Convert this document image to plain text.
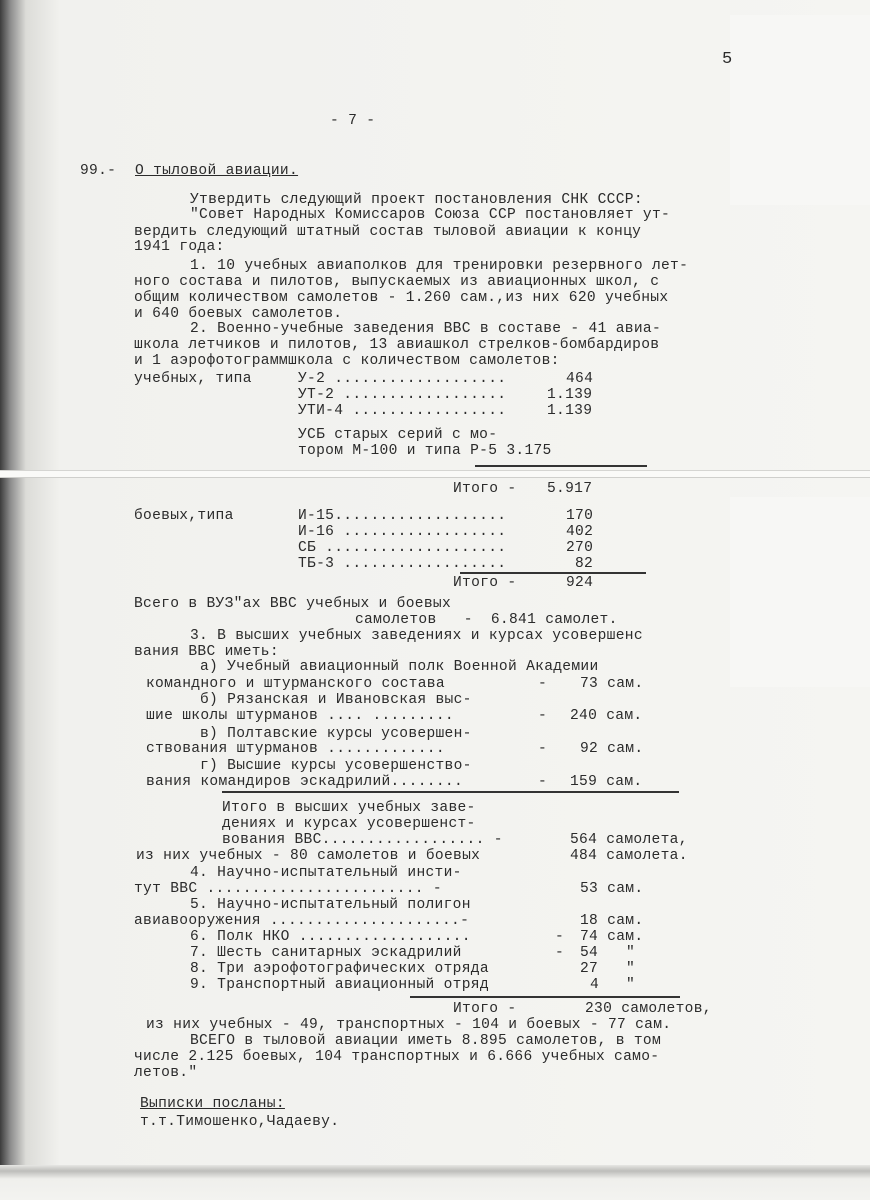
5
- 7 -
99.- О тыловой авиации.
Утвердить следующий проект постановления СНК СССР:
"Совет Народных Комиссаров Союза ССР постановляет ут-
вердить следующий штатный состав тыловой авиации к концу
1941 года:
1. 10 учебных авиаполков для тренировки резервного лет-
ного состава и пилотов, выпускаемых из авиационных школ, с
общим количеством самолетов - 1.260 сам.,из них 620 учебных
и 640 боевых самолетов.
2. Военно-учебные заведения ВВС в составе - 41 авиа-
школа летчиков и пилотов, 13 авиашкол стрелков-бомбардиров
и 1 аэрофотограммшкола с количеством самолетов:
учебных, типа	У-2 ...................	464
УТ-2 ..................	1.139
УТИ-4 .................	1.139
УСБ старых серий с мо-
тором М-100 и типа Р-5 3.175
Итого - 5.917
боевых,типа	И-15...................	170
И-16 ..................	402
СБ ....................	270
ТБ-3 ..................	82
Итого -	924
Всего в ВУЗ"ах ВВС учебных и боевых
самолетов   -  6.841 самолет.
3. В высших учебных заведениях и курсах усовершенс
вания ВВС иметь:
а) Учебный авиационный полк Военной Академии
командного и штурманского состава	- 73 сам.
б) Рязанская и Ивановская выс-
шие школы штурманов .... .........	- 240 сам.
в) Полтавские курсы усовершен-
ствования штурманов .............	- 92 сам.
г) Высшие курсы усовершенство-
вания командиров эскадрилий........	- 159 сам.
Итого в высших учебных заве-
дениях и курсах усовершенст-
вования ВВС.................. -	564 самолета,
из них учебных - 80 самолетов и боевых	484 самолета.
4. Научно-испытательный инсти-
тут ВВС ........................ -	53 сам.
5. Научно-испытательный полигон
авиавооружения .....................-	18 сам.
6. Полк НКО ...................	- 74 сам.
7. Шесть санитарных эскадрилий	- 54 "
8. Три аэрофотографических отряда	27 "
9. Транспортный авиационный отряд	4 "
Итого -	230 самолетов,
из них учебных - 49, транспортных - 104 и боевых - 77 сам.
ВСЕГО в тыловой авиации иметь 8.895 самолетов, в том
числе 2.125 боевых, 104 транспортных и 6.666 учебных само-
летов."
Выписки посланы:
т.т.Тимошенко,Чадаеву.
